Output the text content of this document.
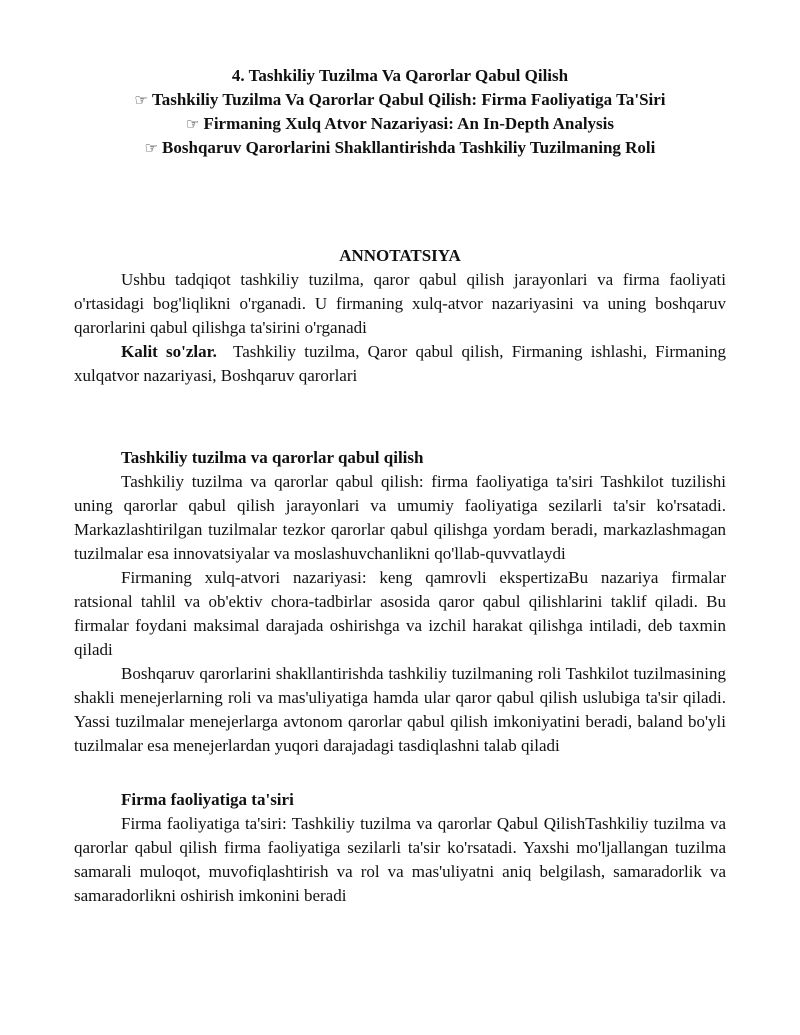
4. Tashkiliy Tuzilma Va Qarorlar Qabul Qilish

☞ Tashkiliy Tuzilma Va Qarorlar Qabul Qilish: Firma Faoliyatiga Ta'Siri

☞ Firmaning Xulq Atvor Nazariyasi: An In-Depth Analysis

☞ Boshqaruv Qarorlarini Shakllantirishda Tashkiliy Tuzilmaning Roli

ANNOTATSIYA

Ushbu tadqiqot tashkiliy tuzilma, qaror qabul qilish jarayonlari va firma faoliyati o'rtasidagi bog'liqlikni o'rganadi. U firmaning xulq-atvor nazariyasini va uning boshqaruv qarorlarini qabul qilishga ta'sirini o'rganadi

Kalit so'zlar. Tashkiliy tuzilma, Qaror qabul qilish, Firmaning ishlashi, Firmaning xulqatvor nazariyasi, Boshqaruv qarorlari

Tashkiliy tuzilma va qarorlar qabul qilish

Tashkiliy tuzilma va qarorlar qabul qilish: firma faoliyatiga ta'siri Tashkilot tuzilishi uning qarorlar qabul qilish jarayonlari va umumiy faoliyatiga sezilarli ta'sir ko'rsatadi. Markazlashtirilgan tuzilmalar tezkor qarorlar qabul qilishga yordam beradi, markazlashmagan tuzilmalar esa innovatsiyalar va moslashuvchanlikni qo'llab-quvvatlaydi

Firmaning xulq-atvori nazariyasi: keng qamrovli ekspertizaBu nazariya firmalar ratsional tahlil va ob'ektiv chora-tadbirlar asosida qaror qabul qilishlarini taklif qiladi. Bu firmalar foydani maksimal darajada oshirishga va izchil harakat qilishga intiladi, deb taxmin qiladi

Boshqaruv qarorlarini shakllantirishda tashkiliy tuzilmaning roli Tashkilot tuzilmasining shakli menejerlarning roli va mas'uliyatiga hamda ular qaror qabul qilish uslubiga ta'sir qiladi. Yassi tuzilmalar menejerlarga avtonom qarorlar qabul qilish imkoniyatini beradi, baland bo'yli tuzilmalar esa menejerlardan yuqori darajadagi tasdiqlashni talab qiladi

Firma faoliyatiga ta'siri

Firma faoliyatiga ta'siri: Tashkiliy tuzilma va qarorlar Qabul QilishTashkiliy tuzilma va qarorlar qabul qilish firma faoliyatiga sezilarli ta'sir ko'rsatadi. Yaxshi mo'ljallangan tuzilma samarali muloqot, muvofiqlashtirish va rol va mas'uliyatni aniq belgilash, samaradorlik va samaradorlikni oshirish imkonini beradi
